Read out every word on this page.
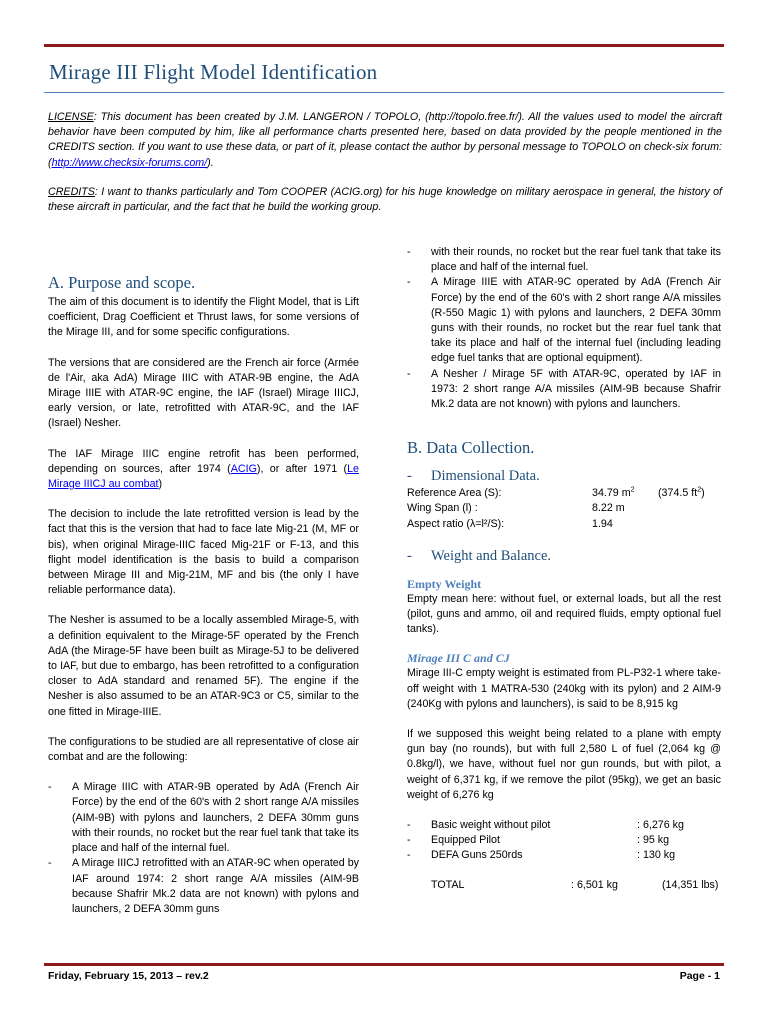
Mirage III Flight Model Identification
LICENSE: This document has been created by J.M. LANGERON / TOPOLO, (http://topolo.free.fr/). All the values used to model the aircraft behavior have been computed by him, like all performance charts presented here, based on data provided by the people mentioned in the CREDITS section. If you want to use these data, or part of it, please contact the author by personal message to TOPOLO on check-six forum: (http://www.checksix-forums.com/).
CREDITS: I want to thanks particularly and Tom COOPER (ACIG.org) for his huge knowledge on military aerospace in general, the history of these aircraft in particular, and the fact that he build the working group.
A. Purpose and scope.

The aim of this document is to identify the Flight Model, that is Lift coefficient, Drag Coefficient et Thrust laws, for some versions of the Mirage III, and for some specific configurations.

The versions that are considered are the French air force (Armée de l'Air, aka AdA) Mirage IIIC with ATAR-9B engine, the AdA Mirage IIIE with ATAR-9C engine, the IAF (Israel) Mirage IIICJ, early version, or late, retrofitted with ATAR-9C, and the IAF (Israel) Nesher.

The IAF Mirage IIIC engine retrofit has been performed, depending on sources, after 1974 (ACIG), or after 1971 (Le Mirage IIICJ au combat)

The decision to include the late retrofitted version is lead by the fact that this is the version that had to face late Mig-21 (M, MF or bis), when original Mirage-IIIC faced Mig-21F or F-13, and this flight model identification is the basis to build a comparison between Mirage III and Mig-21M, MF and bis (the only I have reliable performance data).

The Nesher is assumed to be a locally assembled Mirage-5, with a definition equivalent to the Mirage-5F operated by the French AdA (the Mirage-5F have been built as Mirage-5J to be delivered to IAF, but due to embargo, has been retrofitted to a configuration closer to AdA standard and renamed 5F). The engine if the Nesher is also assumed to be an ATAR-9C3 or C5, similar to the one fitted in Mirage-IIIE.

The configurations to be studied are all representative of close air combat and are the following:

- A Mirage IIIC with ATAR-9B operated by AdA (French Air Force) by the end of the 60's with 2 short range A/A missiles (AIM-9B) with pylons and launchers, 2 DEFA 30mm guns with their rounds, no rocket but the rear fuel tank that take its place and half of the internal fuel.
- A Mirage IIICJ retrofitted with an ATAR-9C when operated by IAF around 1974: 2 short range A/A missiles (AIM-9B because Shafrir Mk.2 data are not known) with pylons and launchers, 2 DEFA 30mm guns
- with their rounds, no rocket but the rear fuel tank that take its place and half of the internal fuel.
- A Mirage IIIE with ATAR-9C operated by AdA (French Air Force) by the end of the 60's with 2 short range A/A missiles (R-550 Magic 1) with pylons and launchers, 2 DEFA 30mm guns with their rounds, no rocket but the rear fuel tank that take its place and half of the internal fuel (including leading edge fuel tanks that are optional equipment).
- A Nesher / Mirage 5F with ATAR-9C, operated by IAF in 1973: 2 short range A/A missiles (AIM-9B because Shafrir Mk.2 data are not known) with pylons and launchers.
B. Data Collection.
- Dimensional Data.
Reference Area (S):	34.79 $m^2$	(374.5 $ft^2$)
Wing Span (l) :	8.22 m
Aspect ratio (λ=l²/S):	1.94
- Weight and Balance.
Empty Weight

Empty mean here: without fuel, or external loads, but all the rest (pilot, guns and ammo, oil and required fluids, empty optional fuel tanks).

Mirage III C and CJ

Mirage III-C empty weight is estimated from PL-P32-1 where take-off weight with 1 MATRA-530 (240kg with its pylon) and 2 AIM-9 (240Kg with pylons and launchers), is said to be 8,915 kg

If we supposed this weight being related to a plane with empty gun bay (no rounds), but with full 2,580 L of fuel (2,064 kg @ 0.8kg/l), we have, without fuel nor gun rounds, but with pilot, a weight of 6,371 kg, if we remove the pilot (95kg), we get an basic weight of 6,276 kg

-	Basic weight without pilot	: 6,276 kg
-	Equipped Pilot	: 95 kg
-	DEFA Guns 250rds	: 130 kg
TOTAL	: 6,501 kg	(14,351 lbs)
Friday, February 15, 2013 – rev.2	Page - 1
